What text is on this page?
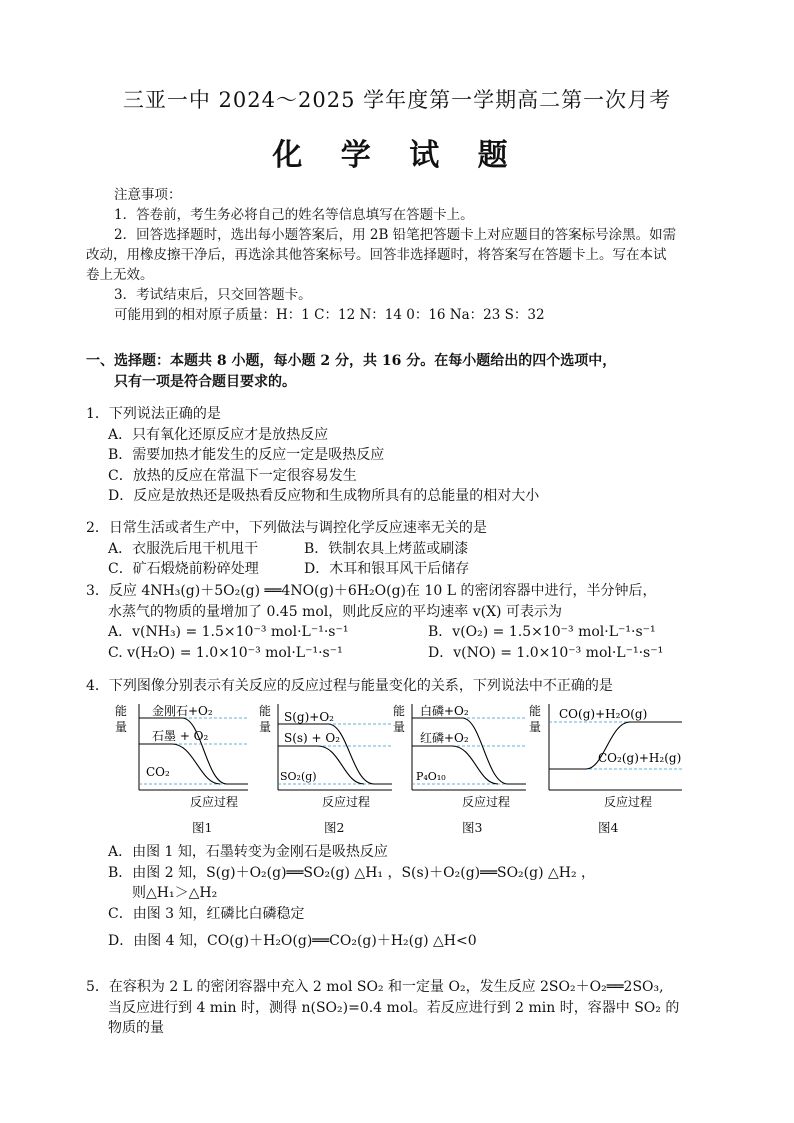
三亚一中 2024～2025 学年度第一学期高二第一次月考
化 学 试 题
注意事项：
1．答卷前，考生务必将自己的姓名等信息填写在答题卡上。
2．回答选择题时，选出每小题答案后，用 2B 铅笔把答题卡上对应题目的答案标号涂黑。如需
改动，用橡皮擦干净后，再选涂其他答案标号。回答非选择题时，将答案写在答题卡上。写在本试
卷上无效。
3．考试结束后，只交回答题卡。
可能用到的相对原子质量：H：1 C：12 N：14 0：16 Na：23 S：32
一、选择题：本题共 8 小题，每小题 2 分，共 16 分。在每小题给出的四个选项中，
只有一项是符合题目要求的。
1．下列说法正确的是
A．只有氧化还原反应才是放热反应
B．需要加热才能发生的反应一定是吸热反应
C．放热的反应在常温下一定很容易发生
D．反应是放热还是吸热看反应物和生成物所具有的总能量的相对大小
2．日常生活或者生产中，下列做法与调控化学反应速率无关的是
A．衣服洗后甩干机甩干	B．铁制农具上烤蓝或刷漆
C．矿石煅烧前粉碎处理	D．木耳和银耳风干后储存
3．反应 4NH₃(g)＋5O₂(g) ══4NO(g)＋6H₂O(g)在 10 L 的密闭容器中进行，半分钟后，
水蒸气的物质的量增加了 0.45 mol，则此反应的平均速率 v(X) 可表示为
A．v(NH₃) = 1.5×10⁻³ mol·L⁻¹·s⁻¹	B．v(O₂) = 1.5×10⁻³ mol·L⁻¹·s⁻¹
C. v(H₂O) = 1.0×10⁻³ mol·L⁻¹·s⁻¹	D．v(NO) = 1.0×10⁻³ mol·L⁻¹·s⁻¹
4．下列图像分别表示有关反应的反应过程与能量变化的关系，下列说法中不正确的是
能
量
金刚石+O₂
石墨 + O₂
CO₂
反应过程
图1
能
量
S(g)+O₂
S(s) + O₂
SO₂(g)
反应过程
图2
能
量
白磷+O₂
红磷+O₂
P₄O₁₀
反应过程
图3
能
量
CO(g)+H₂O(g)
CO₂(g)+H₂(g)
反应过程
图4
A．由图 1 知，石墨转变为金刚石是吸热反应
B．由图 2 知，S(g)＋O₂(g)══SO₂(g) △H₁ ，S(s)＋O₂(g)══SO₂(g) △H₂ ，
则△H₁＞△H₂
C．由图 3 知，红磷比白磷稳定
D．由图 4 知，CO(g)＋H₂O(g)══CO₂(g)＋H₂(g) △H<0
5．在容积为 2 L 的密闭容器中充入 2 mol SO₂ 和一定量 O₂，发生反应 2SO₂＋O₂══2SO₃,
当反应进行到 4 min 时，测得 n(SO₂)=0.4 mol。若反应进行到 2 min 时，容器中 SO₂ 的
物质的量
